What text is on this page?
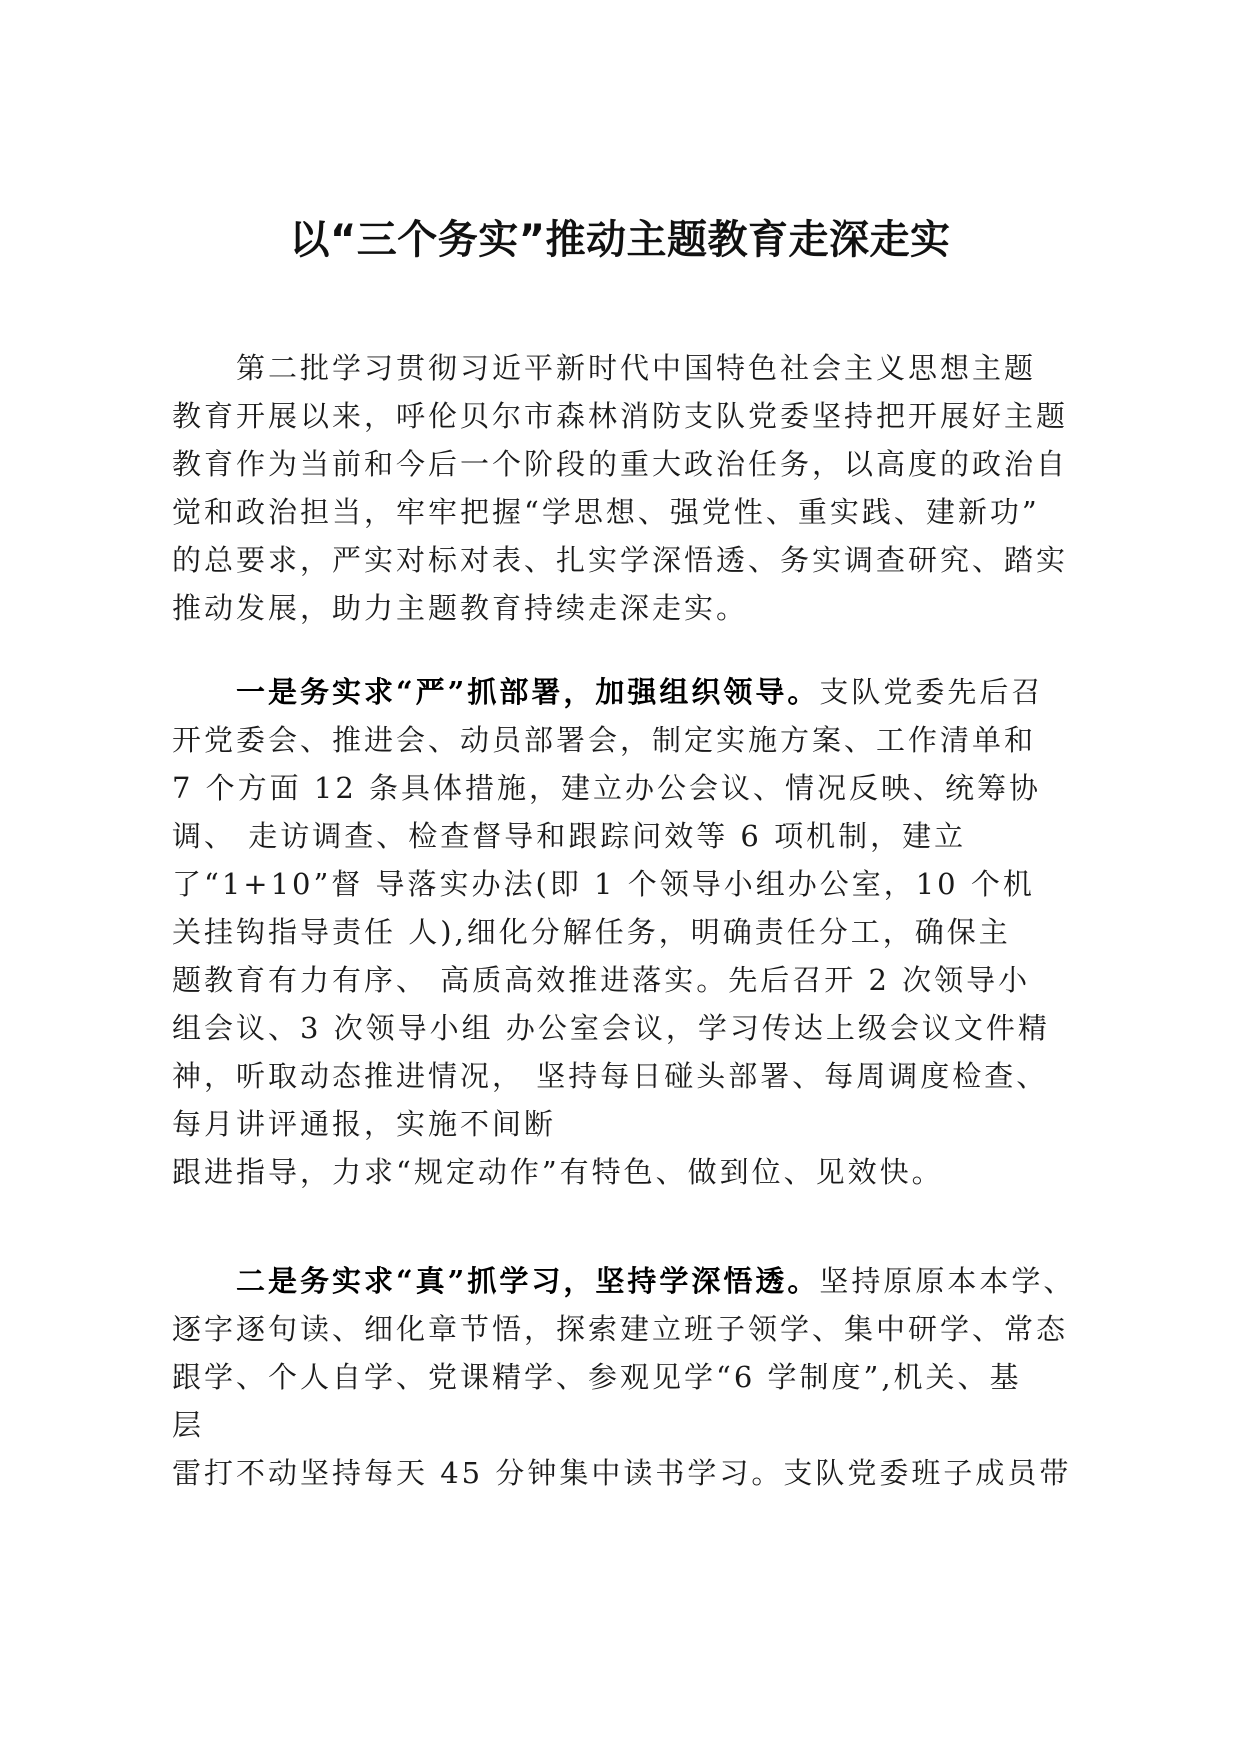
以“三个务实”推动主题教育走深走实
第二批学习贯彻习近平新时代中国特色社会主义思想主题
教育开展以来，呼伦贝尔市森林消防支队党委坚持把开展好主题
教育作为当前和今后一个阶段的重大政治任务，以高度的政治自
觉和政治担当，牢牢把握“学思想、强党性、重实践、建新功”
的总要求，严实对标对表、扎实学深悟透、务实调查研究、踏实
推动发展，助力主题教育持续走深走实。
一是务实求“严”抓部署，加强组织领导。支队党委先后召
开党委会、推进会、动员部署会，制定实施方案、工作清单和
7 个方面 12 条具体措施，建立办公会议、情况反映、统筹协
调、 走访调查、检查督导和跟踪问效等 6 项机制，建立
了“1+10”督 导落实办法(即 1 个领导小组办公室，10 个机
关挂钩指导责任 人),细化分解任务，明确责任分工，确保主
题教育有力有序、 高质高效推进落实。先后召开 2 次领导小
组会议、3 次领导小组 办公室会议，学习传达上级会议文件精
神，听取动态推进情况， 坚持每日碰头部署、每周调度检查、
每月讲评通报，实施不间断
跟进指导，力求“规定动作”有特色、做到位、见效快。
二是务实求“真”抓学习，坚持学深悟透。坚持原原本本学、
逐字逐句读、细化章节悟，探索建立班子领学、集中研学、常态
跟学、个人自学、党课精学、参观见学“6 学制度”,机关、基
层
雷打不动坚持每天 45 分钟集中读书学习。支队党委班子成员带
